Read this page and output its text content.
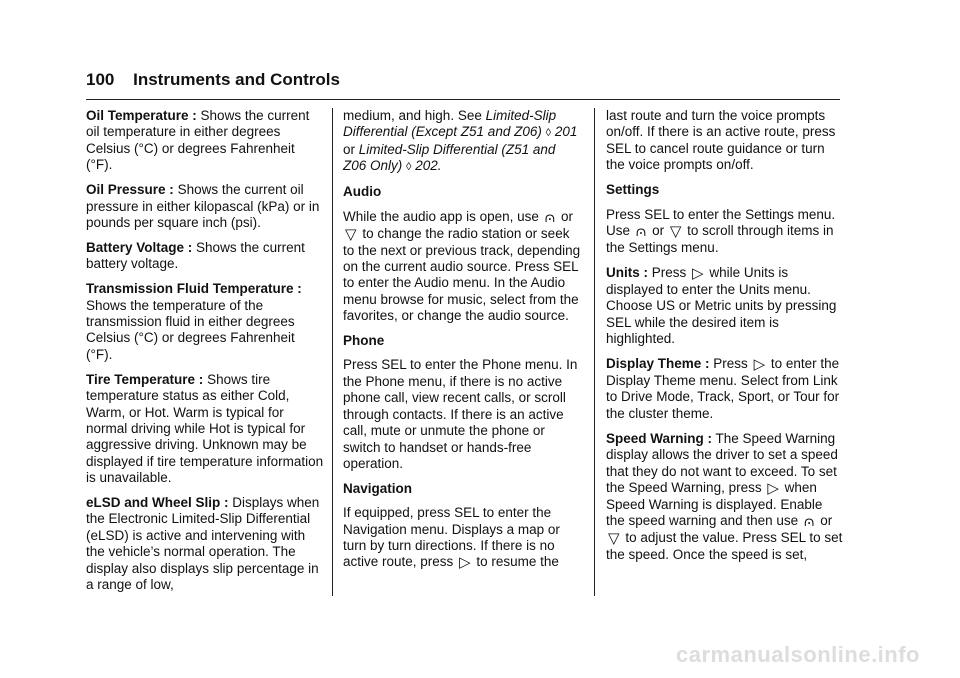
100 Instruments and Controls

Oil Temperature : Shows the current oil temperature in either degrees Celsius (°C) or degrees Fahrenheit (°F).

Oil Pressure : Shows the current oil pressure in either kilopascal (kPa) or in pounds per square inch (psi).

Battery Voltage : Shows the current battery voltage.

Transmission Fluid Temperature : Shows the temperature of the transmission fluid in either degrees Celsius (°C) or degrees Fahrenheit (°F).

Tire Temperature : Shows tire temperature status as either Cold, Warm, or Hot. Warm is typical for normal driving while Hot is typical for aggressive driving. Unknown may be displayed if tire temperature information is unavailable.

eLSD and Wheel Slip : Displays when the Electronic Limited-Slip Differential (eLSD) is active and intervening with the vehicle’s normal operation. The display also displays slip percentage in a range of low,

medium, and high. See Limited-Slip Differential (Except Z51 and Z06) ◊ 201 or Limited-Slip Differential (Z51 and Z06 Only) ◊ 202.

Audio

While the audio app is open, use ⩀ or ▽ to change the radio station or seek to the next or previous track, depending on the current audio source. Press SEL to enter the Audio menu. In the Audio menu browse for music, select from the favorites, or change the audio source.

Phone

Press SEL to enter the Phone menu. In the Phone menu, if there is no active phone call, view recent calls, or scroll through contacts. If there is an active call, mute or unmute the phone or switch to handset or hands-free operation.

Navigation

If equipped, press SEL to enter the Navigation menu. Displays a map or turn by turn directions. If there is no active route, press ▷ to resume the

last route and turn the voice prompts on/off. If there is an active route, press SEL to cancel route guidance or turn the voice prompts on/off.

Settings

Press SEL to enter the Settings menu. Use ⩀ or ▽ to scroll through items in the Settings menu.

Units : Press ▷ while Units is displayed to enter the Units menu. Choose US or Metric units by pressing SEL while the desired item is highlighted.

Display Theme : Press ▷ to enter the Display Theme menu. Select from Link to Drive Mode, Track, Sport, or Tour for the cluster theme.

Speed Warning : The Speed Warning display allows the driver to set a speed that they do not want to exceed. To set the Speed Warning, press ▷ when Speed Warning is displayed. Enable the speed warning and then use ⩀ or ▽ to adjust the value. Press SEL to set the speed. Once the speed is set,

carmanualsonline.info
